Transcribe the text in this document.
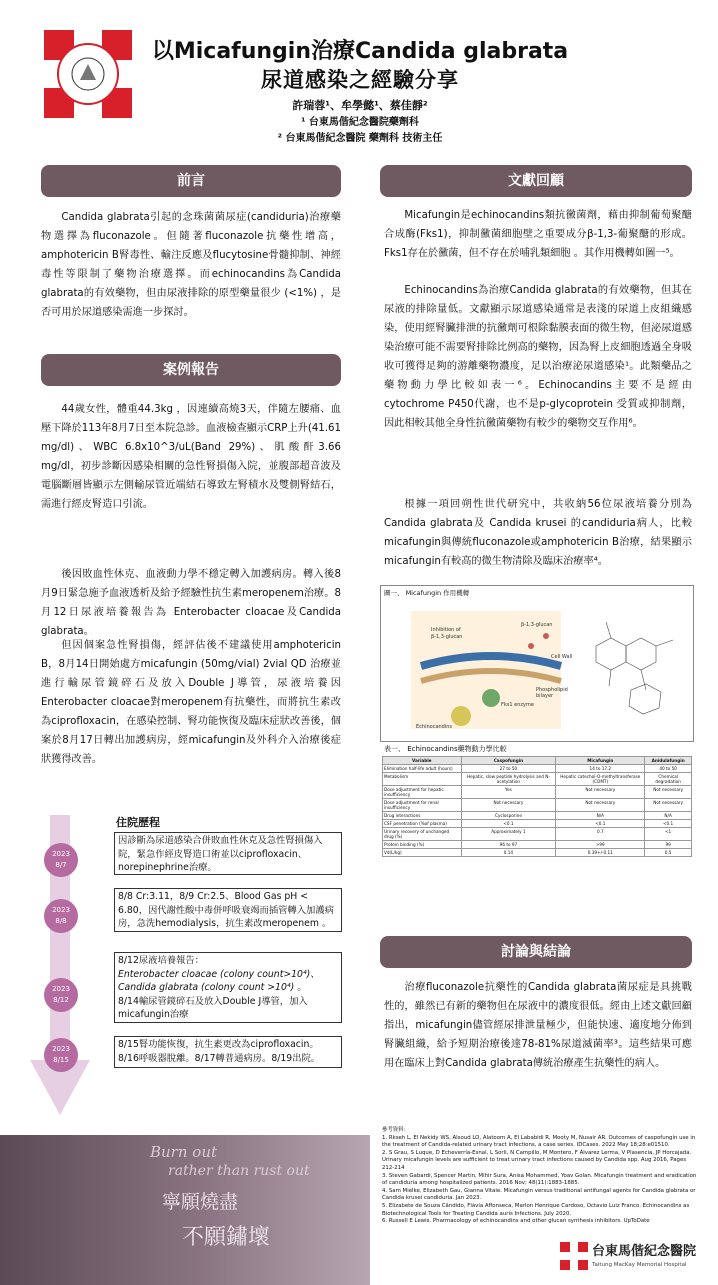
以Micafungin治療Candida glabrata
尿道感染之經驗分享
許瑞蓉¹、牟學懿¹、蔡佳靜²
¹ 台東馬偕紀念醫院藥劑科
² 台東馬偕紀念醫院 藥劑科 技術主任
前言

Candida glabrata引起的念珠菌菌尿症(candiduria)治療藥物選擇為fluconazole。但隨著fluconazole抗藥性增高，amphotericin B腎毒性、輸注反應及flucytosine骨髓抑制、神經毒性等限制了藥物治療選擇。而echinocandins為Candida glabrata的有效藥物，但由尿液排除的原型藥量很少 (<1%) ，是否可用於尿道感染需進一步探討。

案例報告

44歲女性，體重44.3kg ，因連續高燒3天，伴隨左腰痛、血壓下降於113年8月7日至本院急診。血液檢查顯示CRP上升(41.61 mg/dl)、WBC 6.8x10^3/uL(Band 29%)、肌酸酐3.66 mg/dl，初步診斷因感染相關的急性腎損傷入院，並腹部超音波及電腦斷層皆顯示左側輸尿管近端結石導致左腎積水及雙側腎結石，需進行經皮腎造口引流。

後因敗血性休克、血液動力學不穩定轉入加護病房。轉入後8月9日緊急施予血液透析及給予經驗性抗生素meropenem治療。8月12日尿液培養報告為 Enterobacter cloacae及Candida glabrata。

但因個案急性腎損傷，經評估後不建議使用amphotericin B，8月14日開始處方micafungin (50mg/vial) 2vial QD 治療並進行輸尿管鏡碎石及放入Double J導管，尿液培養因Enterobacter cloacae對meropenem有抗藥性，而將抗生素改為ciprofloxacin，在感染控制、腎功能恢復及臨床症狀改善後，個案於8月17日轉出加護病房，經micafungin及外科介入治療後症狀獲得改善。

住院歷程
2023
8/7
因診斷為尿道感染合併敗血性休克及急性腎損傷入院，緊急作經皮腎造口術並以ciprofloxacin、norepinephrine治療。
2023
8/8
8/8 Cr:3.11，8/9 Cr:2.5、Blood Gas pH < 6.80，因代謝性酸中毒併呼吸衰竭而插管轉入加護病房，急洗hemodialysis，抗生素改meropenem 。
2023
8/12
8/12尿液培養報告：
Enterobacter cloacae (colony count>10⁴)、
Candida glabrata (colony count >10⁴) 。
8/14輸尿管鏡碎石及放入Double J導管，加入micafungin治療
2023
8/15
8/15腎功能恢復，抗生素更改為ciprofloxacin。8/16呼吸器脫離。8/17轉普通病房。8/19出院。
Burn out
rather than rust out
寧願燒盡
不願鏽壞
文獻回顧

Micafungin是echinocandins類抗黴菌劑，藉由抑制葡萄聚醣合成酶(Fks1)，抑制黴菌細胞壁之重要成分β-1,3-葡聚醣的形成。Fks1存在於黴菌，但不存在於哺乳類細胞 。其作用機轉如圖一⁵。

Echinocandins為治療Candida glabrata的有效藥物，但其在尿液的排除量低。文獻顯示尿道感染通常是表淺的尿道上皮組織感染，使用經腎臟排泄的抗黴劑可根除黏膜表面的微生物，但泌尿道感染治療可能不需要腎排除比例高的藥物，因為腎上皮細胞透過全身吸收可獲得足夠的游離藥物濃度，足以治療泌尿道感染¹。此類藥品之藥物動力學比較如表一⁶。Echinocandins主要不是經由cytochrome P450代謝，也不是p-glycoprotein 受質或抑制劑，因此相較其他全身性抗黴菌藥物有較少的藥物交互作用⁶。

根據一項回朔性世代研究中，共收納56位尿液培養分別為Candida glabrata及 Candida krusei 的candiduria病人，比較micafungin與傳統fluconazole或amphotericin B治療，結果顯示micafungin有較高的微生物清除及臨床治療率⁴。

Inhibition of
β-1,3-glucan
β-1,3-glucan
Cell Wall
Phospholipid
bilayer
Echinocandins
Fks1 enzyme
圖一、 Micafungin 作用機轉
表一、 Echinocandins藥物動力學比較
Variable	Caspofungin	Micafungin	Anidulafungin
Elimination half-life adult (hours)	27 to 50	14 to 17.2	40 to 50
Metabolism	Hepatic, slow peptide hydrolysis and N-acetylation	Hepatic catechol-O-methyltransferase (COMT)	Chemical degradation
Dose adjustment for hepatic insufficiency	Yes	Not necessary	Not necessary
Dose adjustment for renal insufficiency	Not necessary	Not necessary	Not necessary
Drug interactions	Cyclosporine	N/A	N/A
CSF penetration (%of plasma)	<0.1	<0.1	<0.1
Urinary recovery of unchanged drug (%)	Approximately 1	0.7	<1
Protein binding (%)	96 to 97	>99	99
Vd(L/kg)	0.14	0.39+/-0.11	0.5
討論與結論

治療fluconazole抗藥性的Candida glabrata菌尿症是具挑戰性的，雖然已有新的藥物但在尿液中的濃度很低。經由上述文獻回顧指出，micafungin儘管經尿排泄量極少，但能快速、適度地分佈到腎臟組織，給予短期治療後達78-81%尿道滅菌率³。這些結果可應用在臨床上對Candida glabrata傳統治療產生抗藥性的病人。

參考資料：
1. Rkseh L, El Nekidy WS, Alsoud LO, Alatoom A, El Lababidi R, Mooty M, Nusair AR. Outcomes of caspofungin use in the treatment of Candida-related urinary tract infections, a case series. IDCases. 2022 May 18;28:e01510.
2. S Grau, S Luque, D Echeverría-Esnal, L Sorli, N Campillo, M Montero, F Álvarez Lerma, V Plasencia, JP Horcajada. Urinary micafungin levels are sufficient to treat urinary tract infections caused by Candida spp. Aug 2016, Pages 212-214
3. Steven Gabardi, Spencer Martin, Mihir Sura, Anisa Mohammed, Yoav Golan. Micafungin treatment and eradication of candiduria among hospitalized patients. 2016 Nov; 48(11):1883-1885.
4. Sam Mielke, Elizabeth Gau, Gianna Vitale. Micafungin versus traditional antifungal agents for Candida glabrata or Candida krusei candiduria. Jan 2023.
5. Elizabete de Souza Cândido, Flávia Affonseca, Marlon Henrique Cardoso, Octavio Luiz Franco. Echinocandins as Biotechnological Tools for Treating Candida auris Infections. July 2020.
6. Russell E Lewis. Pharmacology of echinocandins and other glucan synthesis inhibitors. UpToDate
台東馬偕紀念醫院
Taitung MacKay Memorial Hospital
